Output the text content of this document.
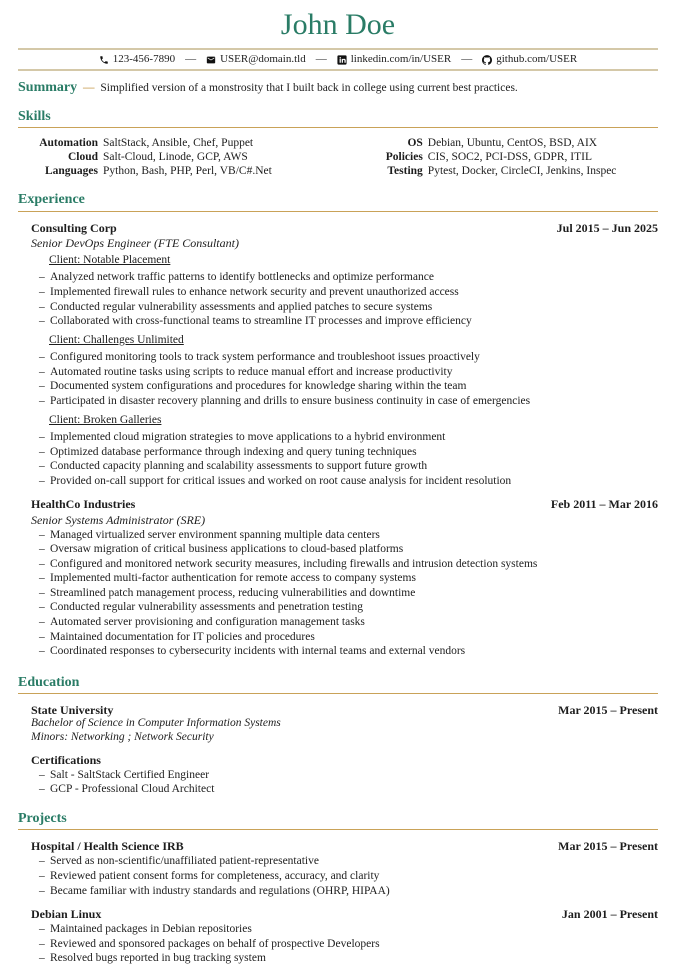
John Doe
123-456-7890 — USER@domain.tld — linkedin.com/in/USER — github.com/USER
Summary — Simplified version of a monstrosity that I built back in college using current best practices.
Skills
Automation SaltStack, Ansible, Chef, Puppet
Cloud Salt-Cloud, Linode, GCP, AWS
Languages Python, Bash, PHP, Perl, VB/C#.Net
OS Debian, Ubuntu, CentOS, BSD, AIX
Policies CIS, SOC2, PCI-DSS, GDPR, ITIL
Testing Pytest, Docker, CircleCI, Jenkins, Inspec
Experience
Consulting Corp	Jul 2015 – Jun 2025
Senior DevOps Engineer (FTE Consultant)
Client: Notable Placement
– Analyzed network traffic patterns to identify bottlenecks and optimize performance
– Implemented firewall rules to enhance network security and prevent unauthorized access
– Conducted regular vulnerability assessments and applied patches to secure systems
– Collaborated with cross-functional teams to streamline IT processes and improve efficiency
Client: Challenges Unlimited
– Configured monitoring tools to track system performance and troubleshoot issues proactively
– Automated routine tasks using scripts to reduce manual effort and increase productivity
– Documented system configurations and procedures for knowledge sharing within the team
– Participated in disaster recovery planning and drills to ensure business continuity in case of emergencies
Client: Broken Galleries
– Implemented cloud migration strategies to move applications to a hybrid environment
– Optimized database performance through indexing and query tuning techniques
– Conducted capacity planning and scalability assessments to support future growth
– Provided on-call support for critical issues and worked on root cause analysis for incident resolution
HealthCo Industries	Feb 2011 – Mar 2016
Senior Systems Administrator (SRE)
– Managed virtualized server environment spanning multiple data centers
– Oversaw migration of critical business applications to cloud-based platforms
– Configured and monitored network security measures, including firewalls and intrusion detection systems
– Implemented multi-factor authentication for remote access to company systems
– Streamlined patch management process, reducing vulnerabilities and downtime
– Conducted regular vulnerability assessments and penetration testing
– Automated server provisioning and configuration management tasks
– Maintained documentation for IT policies and procedures
– Coordinated responses to cybersecurity incidents with internal teams and external vendors
Education
State University	Mar 2015 – Present
Bachelor of Science in Computer Information Systems
Minors: Networking ; Network Security
Certifications
– Salt - SaltStack Certified Engineer
– GCP - Professional Cloud Architect
Projects
Hospital / Health Science IRB	Mar 2015 – Present
– Served as non-scientific/unaffiliated patient-representative
– Reviewed patient consent forms for completeness, accuracy, and clarity
– Became familiar with industry standards and regulations (OHRP, HIPAA)
Debian Linux	Jan 2001 – Present
– Maintained packages in Debian repositories
– Reviewed and sponsored packages on behalf of prospective Developers
– Resolved bugs reported in bug tracking system
